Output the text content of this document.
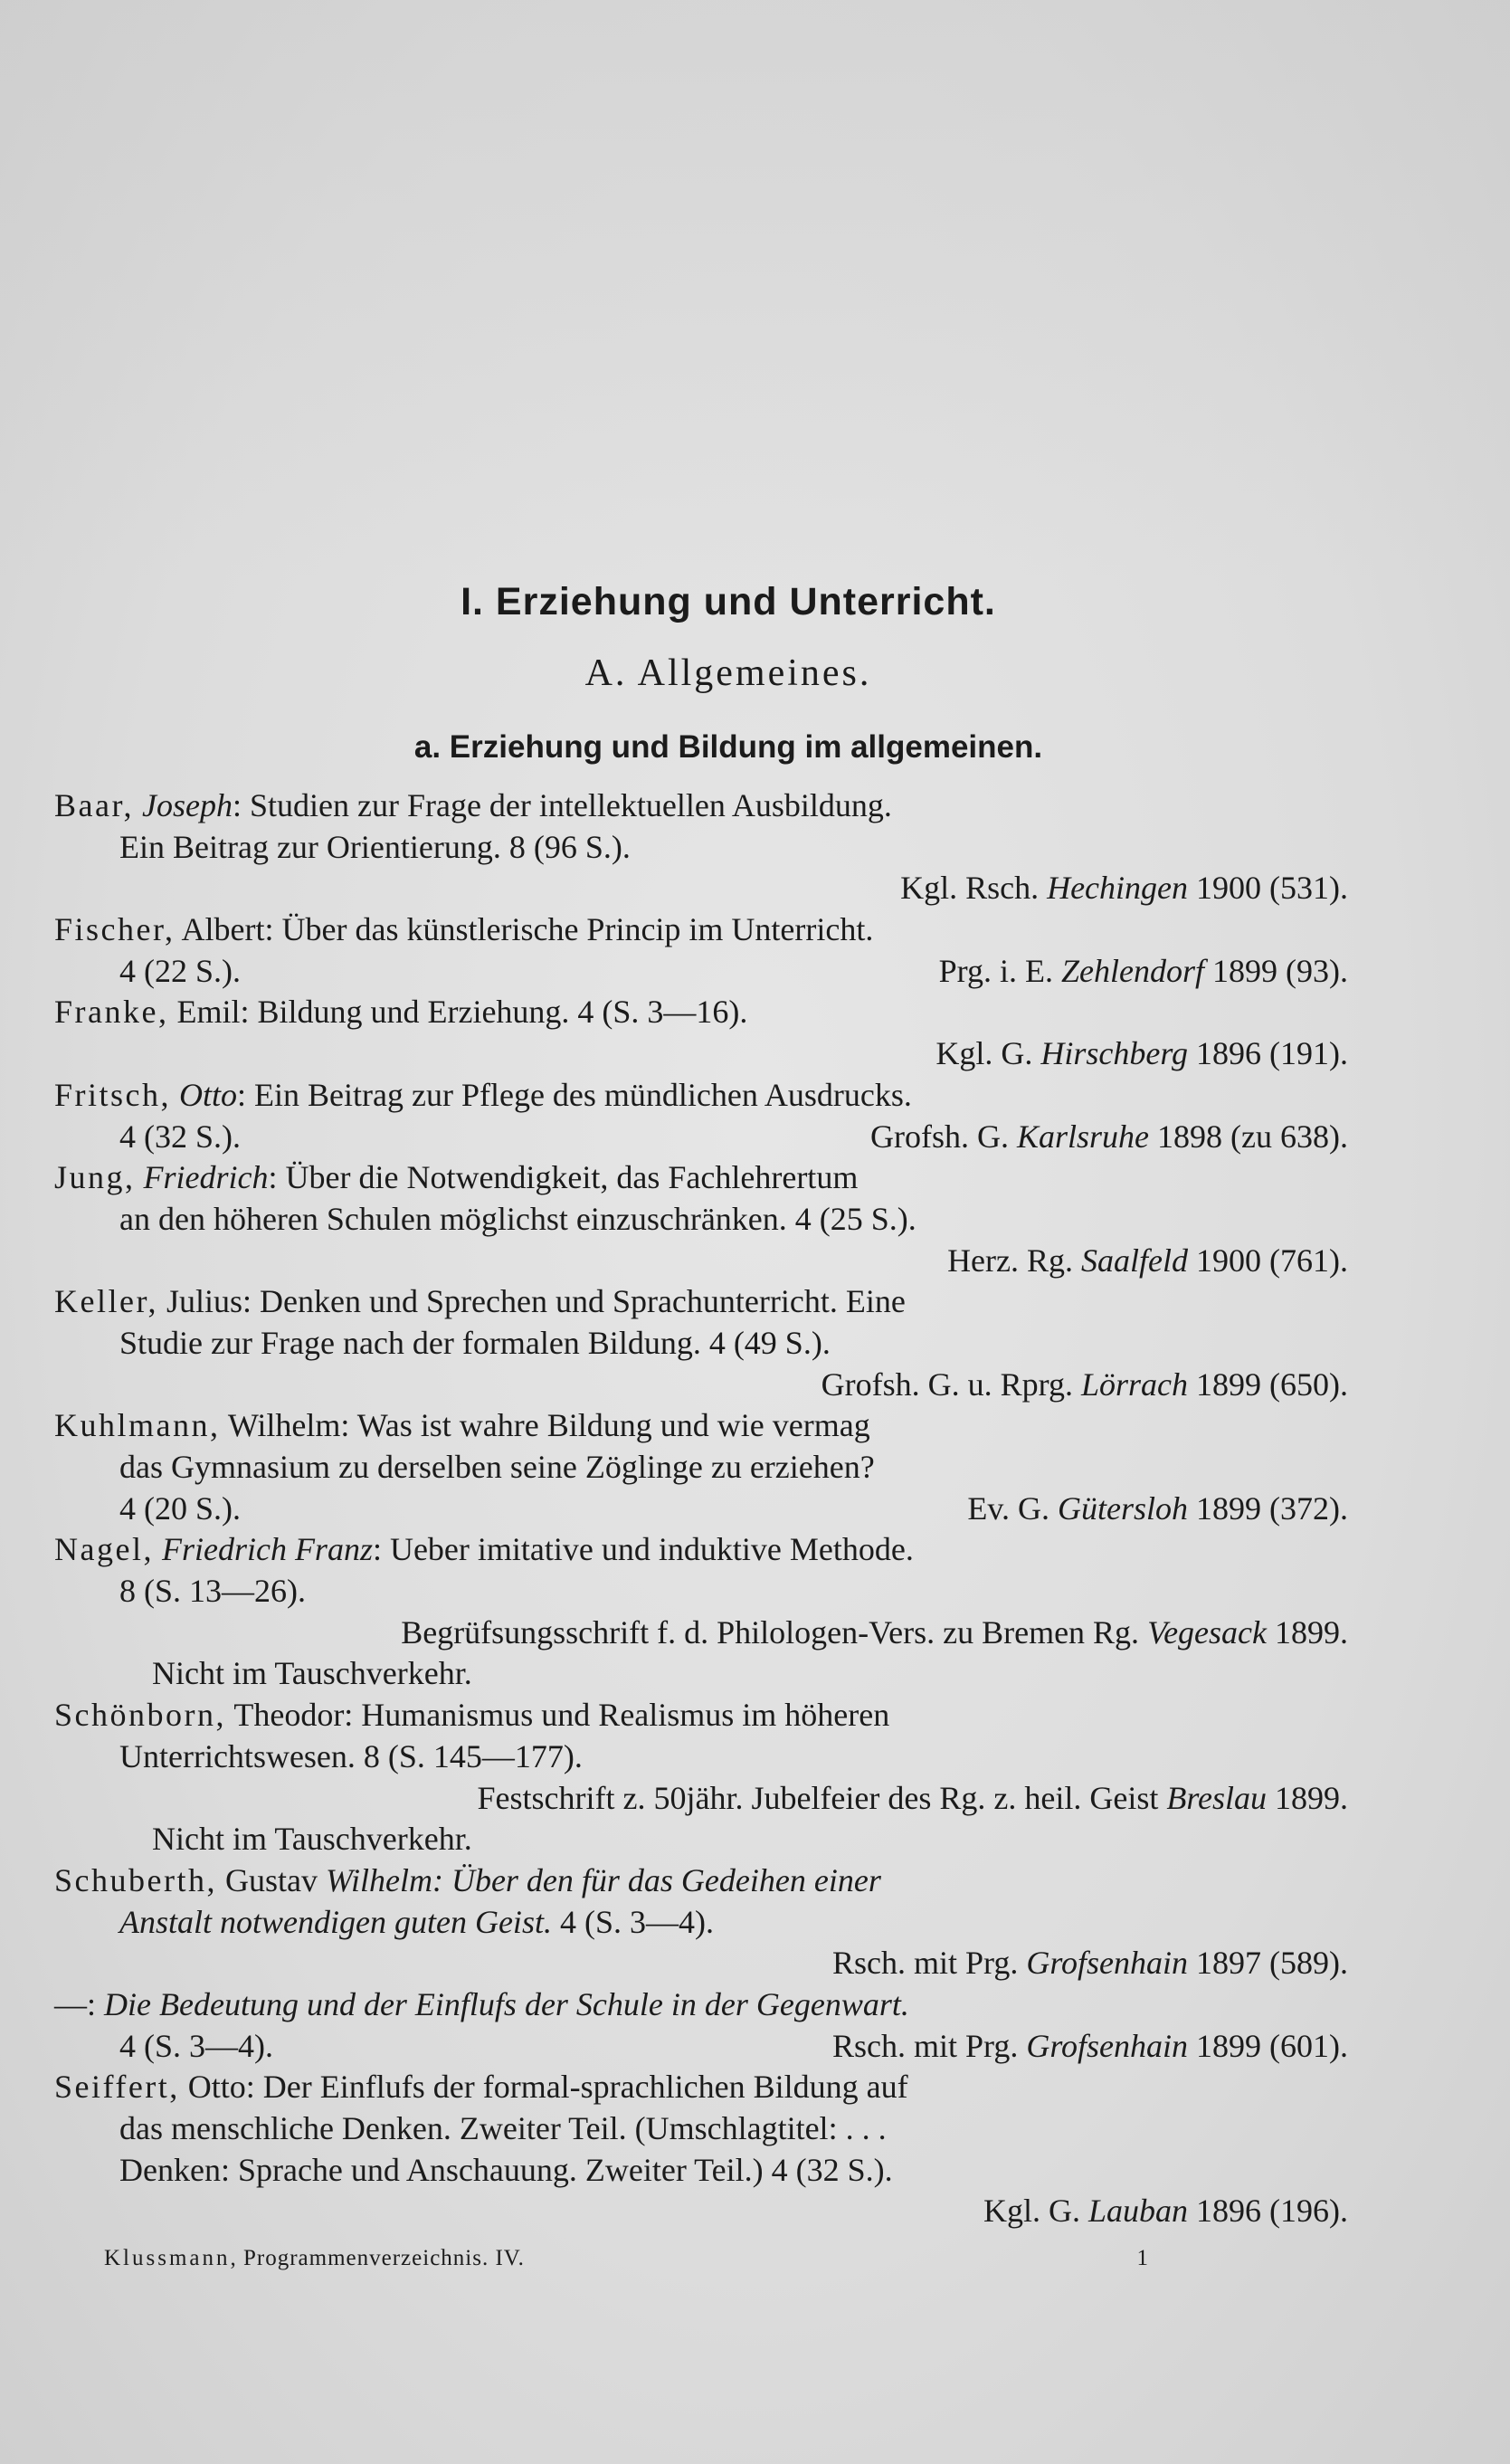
I. Erziehung und Unterricht.
A. Allgemeines.
a. Erziehung und Bildung im allgemeinen.
Baar, Joseph: Studien zur Frage der intellektuellen Ausbildung.
Ein Beitrag zur Orientierung. 8 (96 S.).
Kgl. Rsch. Hechingen 1900 (531).
Fischer, Albert: Über das künstlerische Princip im Unterricht.
4 (22 S.).	Prg. i. E. Zehlendorf 1899 (93).
Franke, Emil: Bildung und Erziehung. 4 (S. 3—16).
Kgl. G. Hirschberg 1896 (191).
Fritsch, Otto: Ein Beitrag zur Pflege des mündlichen Ausdrucks.
4 (32 S.).	Grofsh. G. Karlsruhe 1898 (zu 638).
Jung, Friedrich: Über die Notwendigkeit, das Fachlehrertum
an den höheren Schulen möglichst einzuschränken. 4 (25 S.).
Herz. Rg. Saalfeld 1900 (761).
Keller, Julius: Denken und Sprechen und Sprachunterricht. Eine
Studie zur Frage nach der formalen Bildung. 4 (49 S.).
Grofsh. G. u. Rprg. Lörrach 1899 (650).
Kuhlmann, Wilhelm: Was ist wahre Bildung und wie vermag
das Gymnasium zu derselben seine Zöglinge zu erziehen?
4 (20 S.).	Ev. G. Gütersloh 1899 (372).
Nagel, Friedrich Franz: Ueber imitative und induktive Methode.
8 (S. 13—26).
Begrüfsungsschrift f. d. Philologen-Vers. zu Bremen Rg. Vegesack 1899.
Nicht im Tauschverkehr.
Schönborn, Theodor: Humanismus und Realismus im höheren
Unterrichtswesen. 8 (S. 145—177).
Festschrift z. 50jähr. Jubelfeier des Rg. z. heil. Geist Breslau 1899.
Nicht im Tauschverkehr.
Schuberth, Gustav Wilhelm: Über den für das Gedeihen einer
Anstalt notwendigen guten Geist. 4 (S. 3—4).
Rsch. mit Prg. Grofsenhain 1897 (589).
—: Die Bedeutung und der Einflufs der Schule in der Gegenwart.
4 (S. 3—4).	Rsch. mit Prg. Grofsenhain 1899 (601).
Seiffert, Otto: Der Einflufs der formal-sprachlichen Bildung auf
das menschliche Denken. Zweiter Teil. (Umschlagtitel: . . .
Denken: Sprache und Anschauung. Zweiter Teil.) 4 (32 S.).
Kgl. G. Lauban 1896 (196).
Klussmann, Programmenverzeichnis. IV.	1
